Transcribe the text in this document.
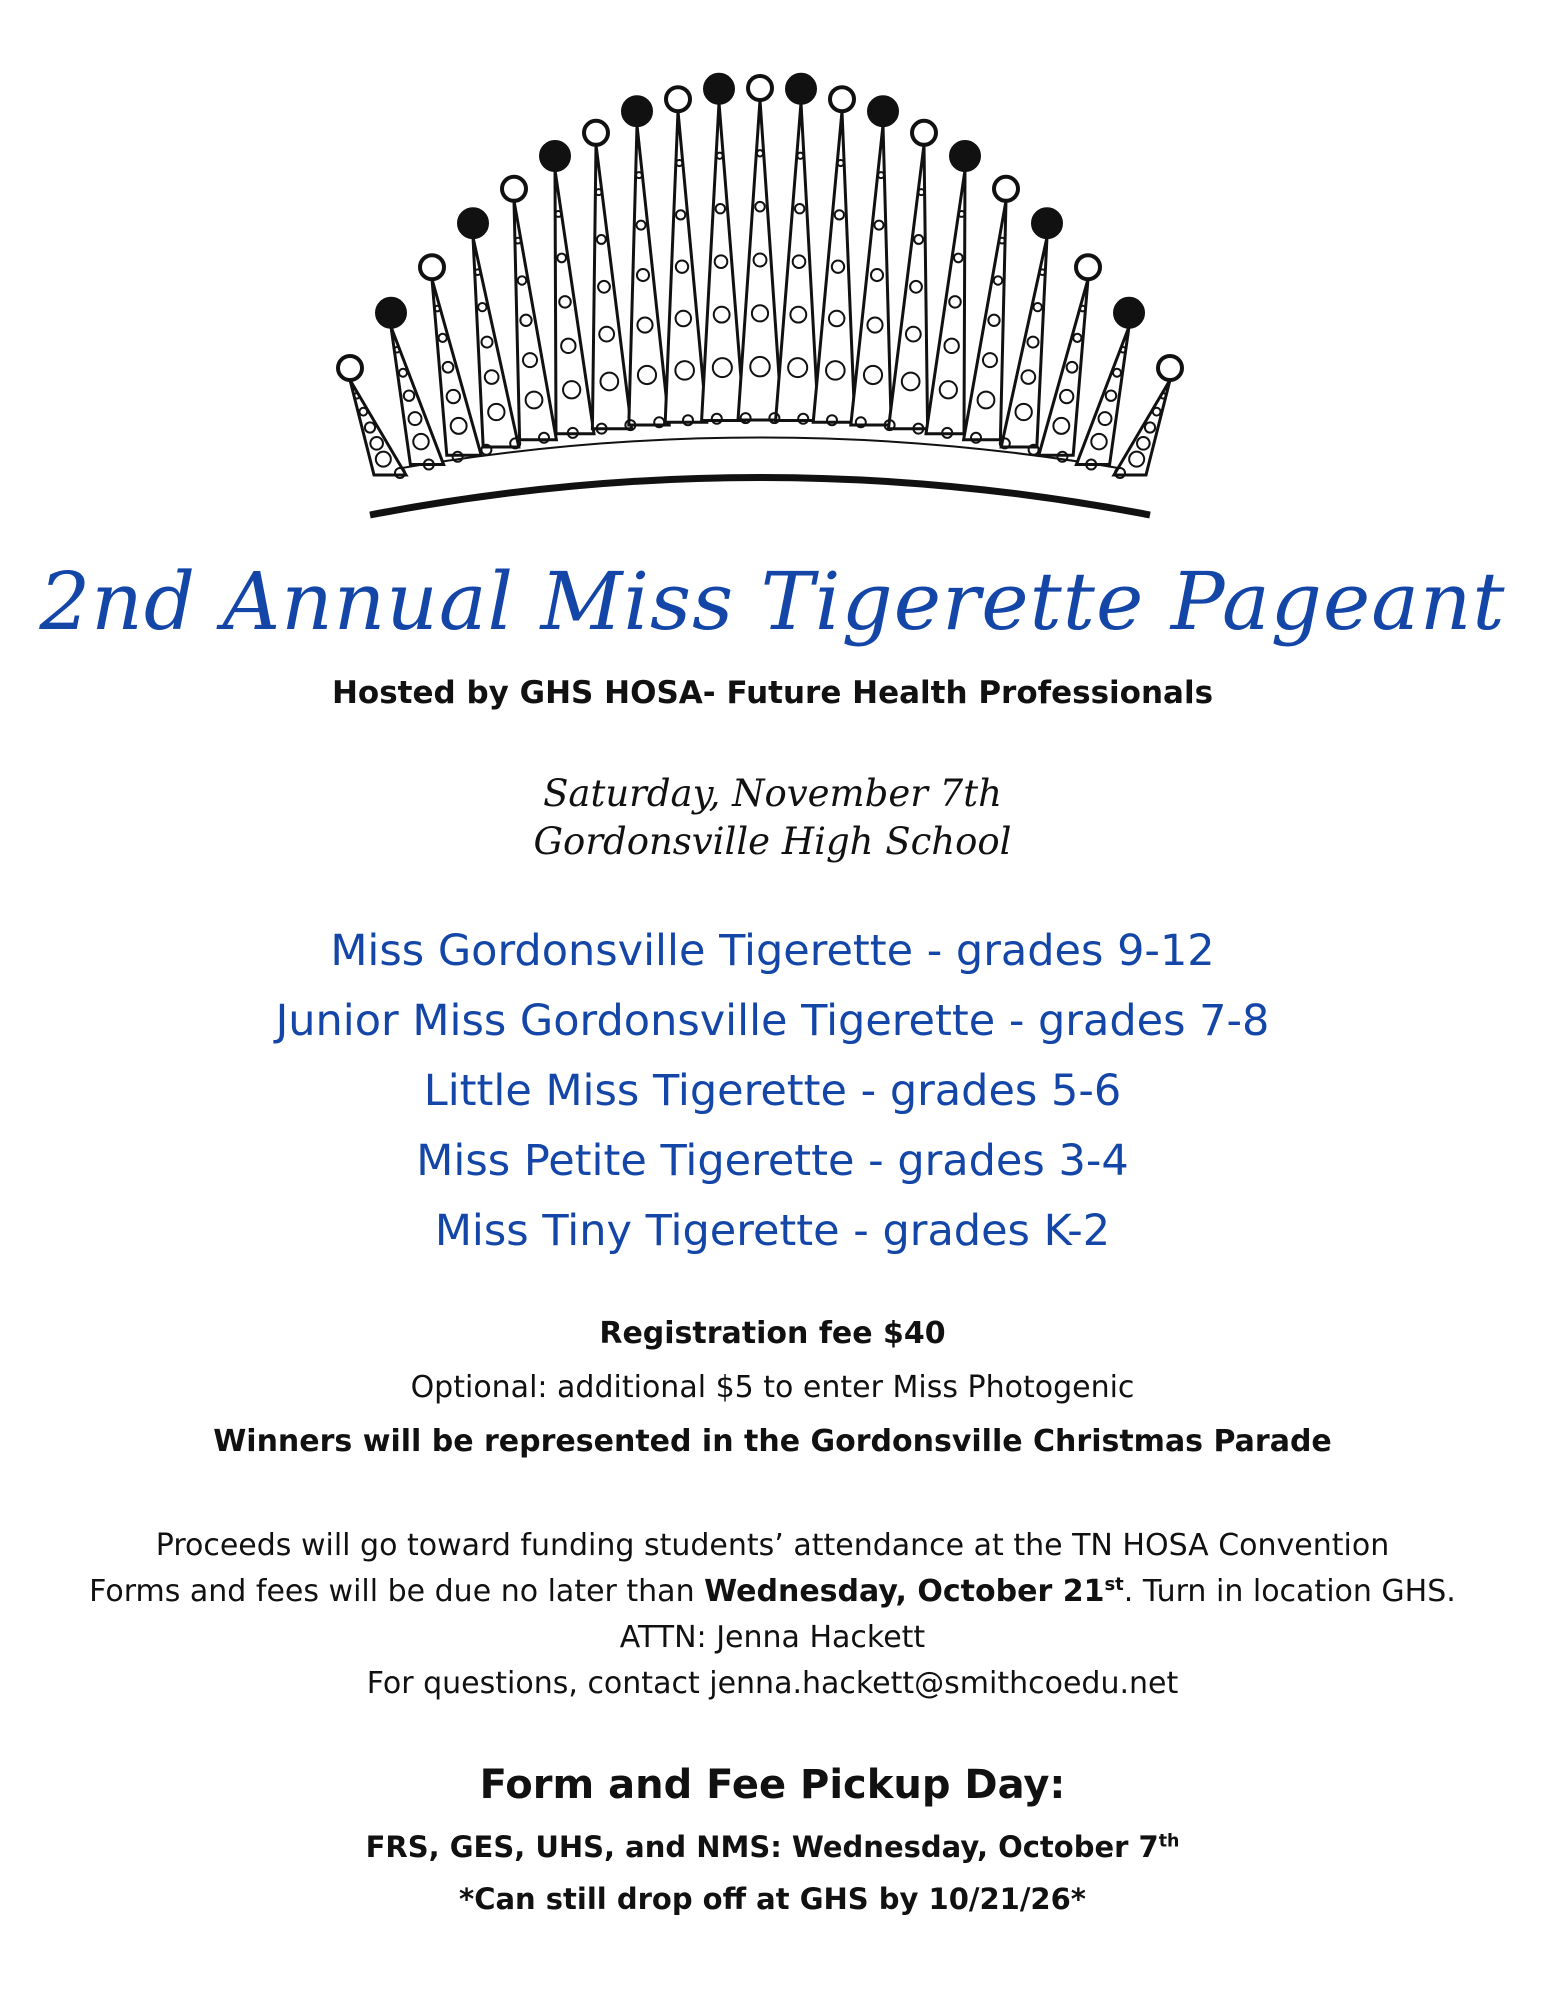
2nd Annual Miss Tigerette Pageant
Hosted by GHS HOSA- Future Health Professionals
Saturday, November 7th
Gordonsville High School
Miss Gordonsville Tigerette - grades 9-12
Junior Miss Gordonsville Tigerette - grades 7-8
Little Miss Tigerette - grades 5-6
Miss Petite Tigerette - grades 3-4
Miss Tiny Tigerette - grades K-2
Registration fee $40
Optional: additional $5 to enter Miss Photogenic
Winners will be represented in the Gordonsville Christmas Parade
Proceeds will go toward funding students’ attendance at the TN HOSA Convention
Forms and fees will be due no later than Wednesday, October 21st. Turn in location GHS.
ATTN: Jenna Hackett
For questions, contact jenna.hackett@smithcoedu.net
Form and Fee Pickup Day:
FRS, GES, UHS, and NMS: Wednesday, October 7th
*Can still drop off at GHS by 10/21/26*
